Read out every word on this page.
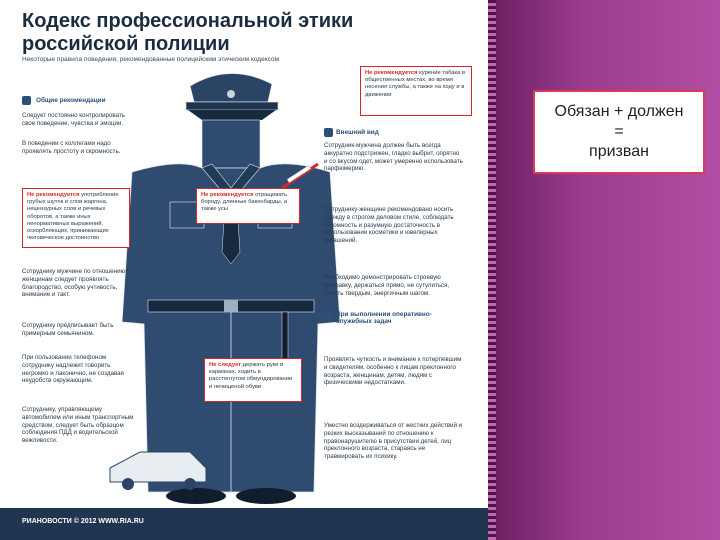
Кодекс профессиональной этики российской полиции
Некоторые правила поведения, рекомендованные полицейским этическим кодексом
Общие рекомендации
Следует постоянно контролировать свое поведение, чувства и эмоции.
В поведении с коллегами надо проявлять простоту и скромность.
Не рекомендуется употребление грубых шуток и слов жаргона, нецензурных слов и речевых оборотов, а также иных ненормативных выражений, оскорбляющих, принижающих человеческое достоинство
Сотруднику мужчине по отношению к женщинам следует проявлять благородство, особую учтивость, внимание и такт.
Сотруднику предписывает быть примерным семьянином.
При пользовании телефоном сотруднику надлежит говорить негромко и лаконично, не создавая неудобств окружающим.
Сотруднику, управляющему автомобилем или иным транспортным средством, следует быть образцом соблюдения ПДД и водительской вежливости.
Не рекомендуется отращивать бороду, длинные бакенбарды, а также усы
Не следует держать руки в карманах, ходить в расстегнутом обмундировании и нечищеной обуви
Не рекомендуется курение табака в общественных местах, во время несения службы, а также на ходу и в движении
Внешний вид
Сотрудник-мужчина должен быть всегда аккуратно подстрижен, гладко выбрит, опрятно и со вкусом одет, может умеренно использовать парфюмерию.
Сотруднику-женщине рекомендовано носить одежду в строгом деловом стиле, соблюдать скромность и разумную достаточность в использовании косметики и ювелирных украшений.
Необходимо демонстрировать строевую выправку, держаться прямо, не сутулиться, ходить твердым, энергичным шагом.
При выполнении оперативно-служебных задач
Проявлять чуткость и внимание к потерпевшим и свидетелям, особенно к лицам преклонного возраста, женщинам, детям, людям с физическими недостатками.
Уместно воздерживаться от жестких действий и резких высказываний по отношению к правонарушителю в присутствии детей, лиц преклонного возраста, стараясь не травмировать их психику.
РИАНОВОСТИ © 2012 WWW.RIA.RU
Обязан + должен
=
призван
